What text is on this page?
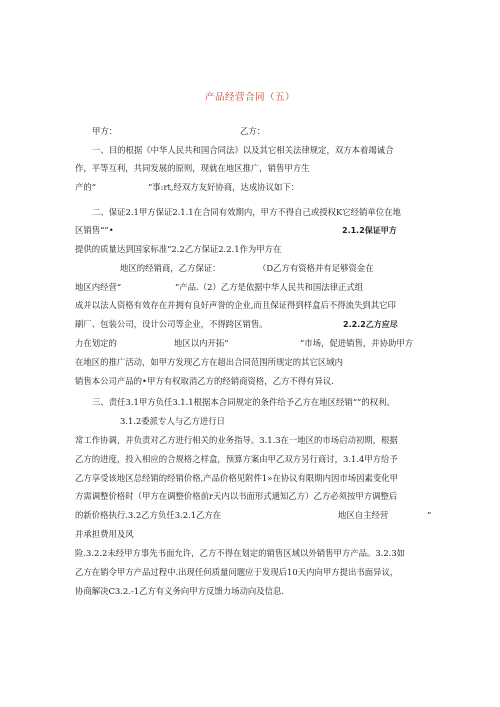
产品经营合同（五）
甲方：	乙方：
一、目的根据《中华人民共和国合同法》以及其它相关法律规定，双方本着竭诚合
作，平等互利，共同发展的原则，现就在地区推广，销售甲方生
产的“	”事:rt,经双方友好协商，达成协议如下：
二、保证2.1甲方保证2.1.1在合同有效期内，甲方不得自己或授权K它经销单位在地
区销售“”•	2.1.2保证甲方
提供的质量达到国家标准“2.2乙方保证2.2.1作为甲方在
地区的经销商，乙方保证：	（D乙方有资格并有足够资金在
地区内经营“	”产品.（2）乙方是依据中华人民共和国法律正式组
成并以法人资格有效存在并拥有良好声誉的企业,而且保证得到样盒后不得流失到其它印
刷厂、包装公司，设计公司等企业，不得跨区销售。	2.2.2乙方应尽
力在划定的	地区以内开拓“	”市场，促进销售，并协助甲方
在地区的推广活动，如甲方发现乙方在超出合同范围所规定的其它区域内
销售本公司产品的•甲方有权取消乙方的经销商资格，乙方不得有异议.
三、责任3.1甲方负任3.1.1根据本合同规定的条件给予乙方在地区经销“”的权利。
3.1.2委派专人与乙方进行日
常工作协调，并负责对乙方进行相关的业务指导。3.1.3在一地区的市场启动初期，根据
乙方的进度，投入相应的合规格之样盒，预算方案由甲乙双方另行商讨，3.1.4甲方给予
乙方享受该地区总经销的经销价格,产品价格见附件1»在协议有限期内因市场因素变化甲
方需调整价格时（甲方在调整价格前r天内以书面形式通知乙方）乙方必须按甲方调整后
的新价格执行.3.2乙方负任3.2.1乙方在	地区自主经营	”
并承担费用及风
险.3.2.2未经甲方事先书面允许，乙方不得在划定的销售区域以外销售甲方产品。3.2.3如
乙方在销令甲方产品过程中.出现任何质量问题应于发现后10天内向甲方提出书面异议，
协商解决C3.2.-1乙方有义务向甲方反馈力场动向及信息.
